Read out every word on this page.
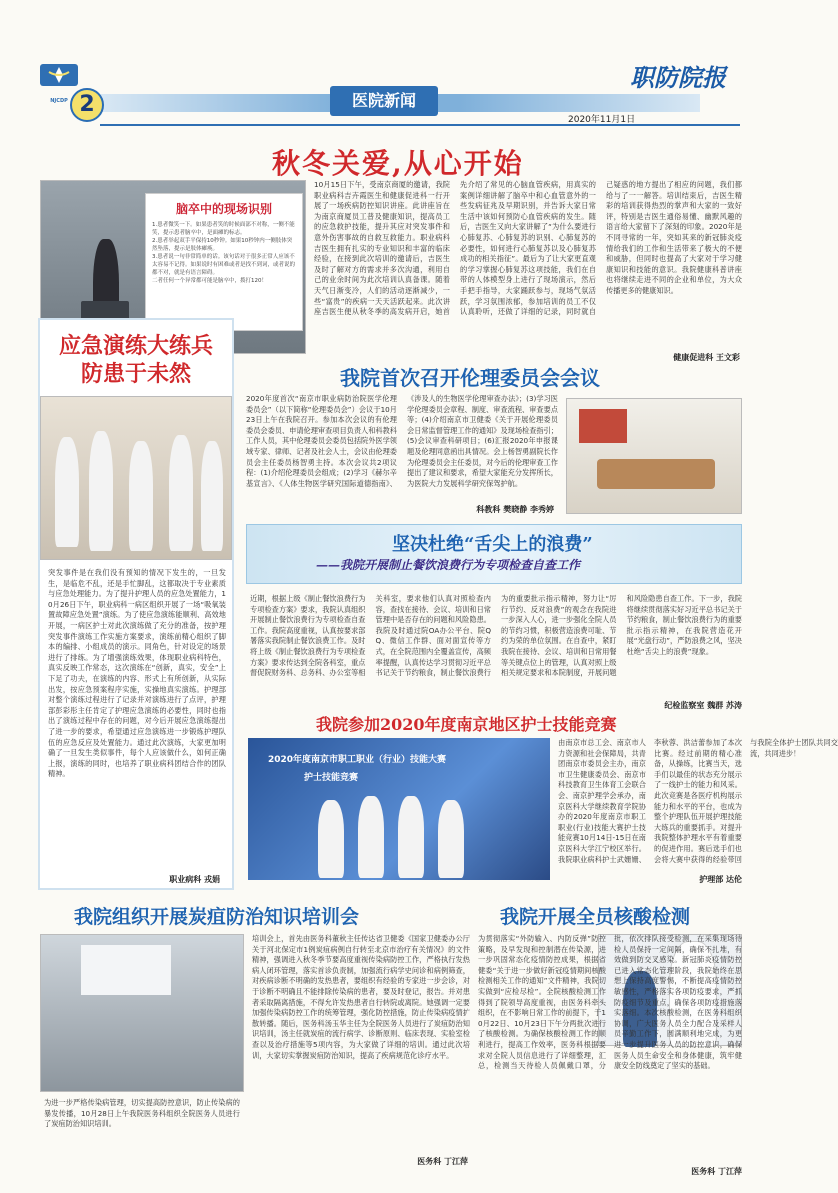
NJCDP 2	医院新闻
职防院报
2020年11月1日
秋冬关爱,从心开始
脑卒中的现场识别
1.患者微笑一下。如果患者笑的时候面部不对称，一侧不能笑，提示患者脑卒中，是面瘫的标志。
2.患者举起双手平保持10秒钟。如果10秒钟内一侧肢体突然坠落，提示是肢体瘫痪。
3.患者说一句非常简单的话。该句话对于很多正常人应该不太容易不记得。如果说时有困难或者是找不到词，或者说的都不对，就是有语言障碍。
二者任何一个异常都可能是脑卒中，拨打120！
10月15日下午，受南京商厦的邀请，我院职业病科吉卉霞医生和健康促进科一行开展了一场疾病防控知识讲座。此讲座旨在为南京商厦员工普及健康知识，提高员工的应急救护技能，提升其应对突发事件和意外伤害事故的自救互救能力。职业病科吉医生拥有扎实的专业知识和丰富的临床经验，在接到此次培训的邀请后，吉医生及时了解对方的需求并多次沟通，利用自己的业余时间为此次培训认真备课。随着天气日渐变冷，人们的活动逐渐减少，一些“富贵”的疾病一天天活跃起来。此次讲座吉医生便从秋冬季的高发病开启，她首先介绍了常见的心脑血管疾病，用真实的案例详细讲解了脑卒中和心血管意外的一些发病征兆及早期识别，并告诉大家日常生活中该如何预防心血管疾病的发生。随后，吉医生又向大家讲解了“为什么要进行心肺复苏、心肺复苏的识别、心肺复苏的必要性，如何进行心肺复苏以及心肺复苏成功的相关指征”。最后为了让大家更直观的学习掌握心肺复苏这项技能，我们在自带的人体模型身上进行了现场演示，然后手把手指导，大家踊跃参与，现场气氛活跃，学习氛围浓郁，参加培训的员工不仅认真聆听，还做了详细的记录，同时就自己疑惑的地方提出了相应的问题，我们都给与了一一解答。培训结束后，吉医生精彩的培训获得热烈的掌声和大家的一致好评，特别是吉医生通俗易懂、幽默风趣的语言给大家留下了深刻的印象。2020年是不同寻常的一年，突如其来的新冠肺炎疫情给我们的工作和生活带来了极大的不便和威胁，但同时也提高了大家对于学习健康知识和技能的意识。我院健康科普讲座也将继续走进不同的企业和单位，为大众传播更多的健康知识。
健康促进科 王文彩
应急演练大练兵 防患于未然
突发事件是在我们没有预知的情况下发生的，一旦发生，是临危不乱，还是手忙脚乱，这都取决于专业素质与应急处理能力。为了提升护理人员的应急处置能力，10月26日下午，职业病科一病区组织开展了一场“吸氧装置故障应急处置”演练。为了使应急演练能顺利、高效地开展，一病区护士对此次演练做了充分的准备，按护理突发事件演练工作实施方案要求，演练前精心组织了脚本的编排、小组成员的演示。同角色，针对设定的场景进行了排练。为了增强演练效果，体现职业病科特色，真实反映工作常态，这次演练在“创新，真实，安全”上下足了功夫，在演练的内容、形式上有所创新，从实际出发，按应急预案程序实施，实操地真实演练。护理部对整个演练过程进行了记录并对演练进行了点评，护理部彭彩彤主任肯定了护理应急演练的必要性，同时也指出了演练过程中存在的问题，对今后开展应急演练提出了进一步的要求，希望通过应急演练进一步锻炼护理队伍的应急反应及处置能力。通过此次演练，大家更加明确了一旦发生类似事件，每个人应该做什么，如何正确上报，演练的同时，也培养了职业病科团结合作的团队精神。
职业病科 戎娟
我院首次召开伦理委员会会议
2020年度首次“南京市职业病防治院医学伦理委员会”（以下简称“伦理委员会”）会议于10月23日上午在我院召开。参加本次会议的有伦理委员会委员、申请伦理审查项目负责人和科教科工作人员，其中伦理委员会委员包括院外医学领域专家、律师、记者及社会人士，会议由伦理委员会主任委员杨智勇主持。本次会议共2项议程：(1)介绍伦理委员会组成；(2)学习《赫尔辛基宣言》、《人体生物医学研究国际道德指南》、《涉及人的生物医学伦理审查办法》；(3)学习医学伦理委员会章程、制度、审查流程、审查要点等；(4)介绍南京市卫健委《关于开展伦理委员会日常监督管理工作的通知》及现场检查指引；(5)会议审查科研项目；(6)汇报2020年申报课题及伦理同意函出具情况。会上杨智勇副院长作为伦理委员会主任委员，对今后的伦理审查工作提出了建议和要求，希望大家能充分发挥所长，为医院大力发展科学研究保驾护航。
科教科 樊晓静 李秀婷
坚决杜绝“舌尖上的浪费”
——我院开展制止餐饮浪费行为专项检查自查工作
近期，根据上级《制止餐饮浪费行为专项检查方案》要求，我院认真组织开展制止餐饮浪费行为专项检查自查工作。我院高度重视，认真按要求部署落实我院制止餐饮浪费工作。及时将上级《制止餐饮浪费行为专项检查方案》要求传达到全院各科室，重点督促院财务科、总务科、办公室等相关科室，要求他们认真对照检查内容，查找在接待、会议、培训和日常管理中是否存在的问题和风险隐患。我院及时通过院OA办公平台、院QQ、微信工作群、面对面宣传等方式，在全院范围内全覆盖宣传，高频率提醒，认真传达学习贯彻习近平总书记关于节约粮食，制止餐饮浪费行为的重要批示指示精神，努力让“厉行节约、反对浪费”的观念在我院进一步深入人心，进一步强化全院人员的节约习惯，积极营造浪费可耻、节约为荣的单位氛围。在自查中，紧盯我院在接待、会议、培训和日常用餐等关键点位上的管理，认真对照上级相关规定要求和本院制度，开展问题和风险隐患自查工作。下一步，我院将继续贯彻落实好习近平总书记关于节约粮食，制止餐饮浪费行为的重要批示指示精神，在我院营造花开展“光盘行动”，严防浪费之风，坚决杜绝“舌尖上的浪费”现象。
纪检监察室 魏群 苏涛
我院参加2020年度南京地区护士技能竞赛
2020年度南京市职工职业（行业）技能大赛
护士技能竞赛
由南京市总工会、南京市人力资源和社会保障局，共青团南京市委员会主办，南京市卫生健康委员会、南京市科技教育卫生体育工会联合会、南京护理学会承办，南京医科大学继续教育学院协办的2020年度南京市职工职业(行业)技能大赛护士技能竞赛10月14日-15日在南京医科大学江宁校区举行。我院职业病科护士武姗姗、李秋蓉、洪洁蕾参加了本次比赛。经过前期的精心准备，从操练，比赛当天，选手们以最佳的状态充分展示了一线护士的能力和风采。此次竞赛是各医疗机构展示能力和水平的平台，也成为整个护理队伍开展护理技能大练兵的重要抓手。对提升我院整体护理水平有着重要的促进作用。赛后选手们也会将大赛中获得的经验带回与我院全体护士团队共同交流，共同进步！
护理部 达伦
我院组织开展炭疽防治知识培训会
为进一步严格传染病管理，切实提高防控意识，防止传染病的暴发传播，10月28日上午我院医务科组织全院医务人员进行了炭疽防治知识培训。
培训会上，首先由医务科董秋主任传达省卫健委《国家卫健委办公厅关于河北保定市1例炭疽病例自行转至北京市治疗有关情况》的文件精神，强调进入秋冬季节要高度重视传染病防控工作，严格执行发热病人闭环管理，落实首诊负责制，加强流行病学史问诊和病例筛查，对疾病诊断不明确的发热患者，要组织有经验的专家进一步会诊，对于诊断不明确且不能排除传染病的患者，要及时登记，报告。并对患者采取隔离措施，不得允许发热患者自行转院或离院。她强调一定要加强传染病防控工作的统筹管理，强化防控措施，防止传染病疫情扩散转播。随后，医务科汤玉华主任为全院医务人员进行了炭疽防治知识培训，汤主任就炭疽的流行病学、诊断原则、临床表现、实验室检查以及治疗措施等5项内容，为大家做了详细的培训。通过此次培训，大家切实掌握炭疽防治知识，提高了疾病规范化诊疗水平。
医务科 丁江萍
我院开展全员核酸检测
为贯彻落实“外防输入、内防反弹”防控策略，及早发现和控制潜在传染源，进一步巩固常态化疫情防控成果，根据省健委“关于进一步做好新冠疫情期间核酸检测相关工作的通知”文件精神，我院切实做到“应检尽检”。全院核酸检测工作得到了院领导高度重视，由医务科牵头组织，在不影响日常工作的前提下，于10月22日、10月23日下午分两批次进行了核酸检测。为确保核酸检测工作的顺利进行，提高工作效率，医务科根据要求对全院人员信息进行了详细整理，汇总，检测当天待检人员佩戴口罩，分批，依次排队接受检测，在采集现场待检人员保持一定间隔，确保不扎堆，有效做到防交叉感染。新冠肺炎疫情防控已进入常态化管理阶段，我院始终在思想上保持高度警惕，不断提高疫情防控敏感性，严格落实各项防疫要求，严抓防疫细节及重点，确保各项防疫措施落实落细。本次核酸检测，在医务科组织协调，广大医务人员全力配合及采样人员辛勤工作下，圆满顺利地完成，为更进一步提升医务人员的防控意识，确保医务人员生命安全和身体健康，筑牢健康安全防线奠定了坚实的基础。
医务科 丁江萍
